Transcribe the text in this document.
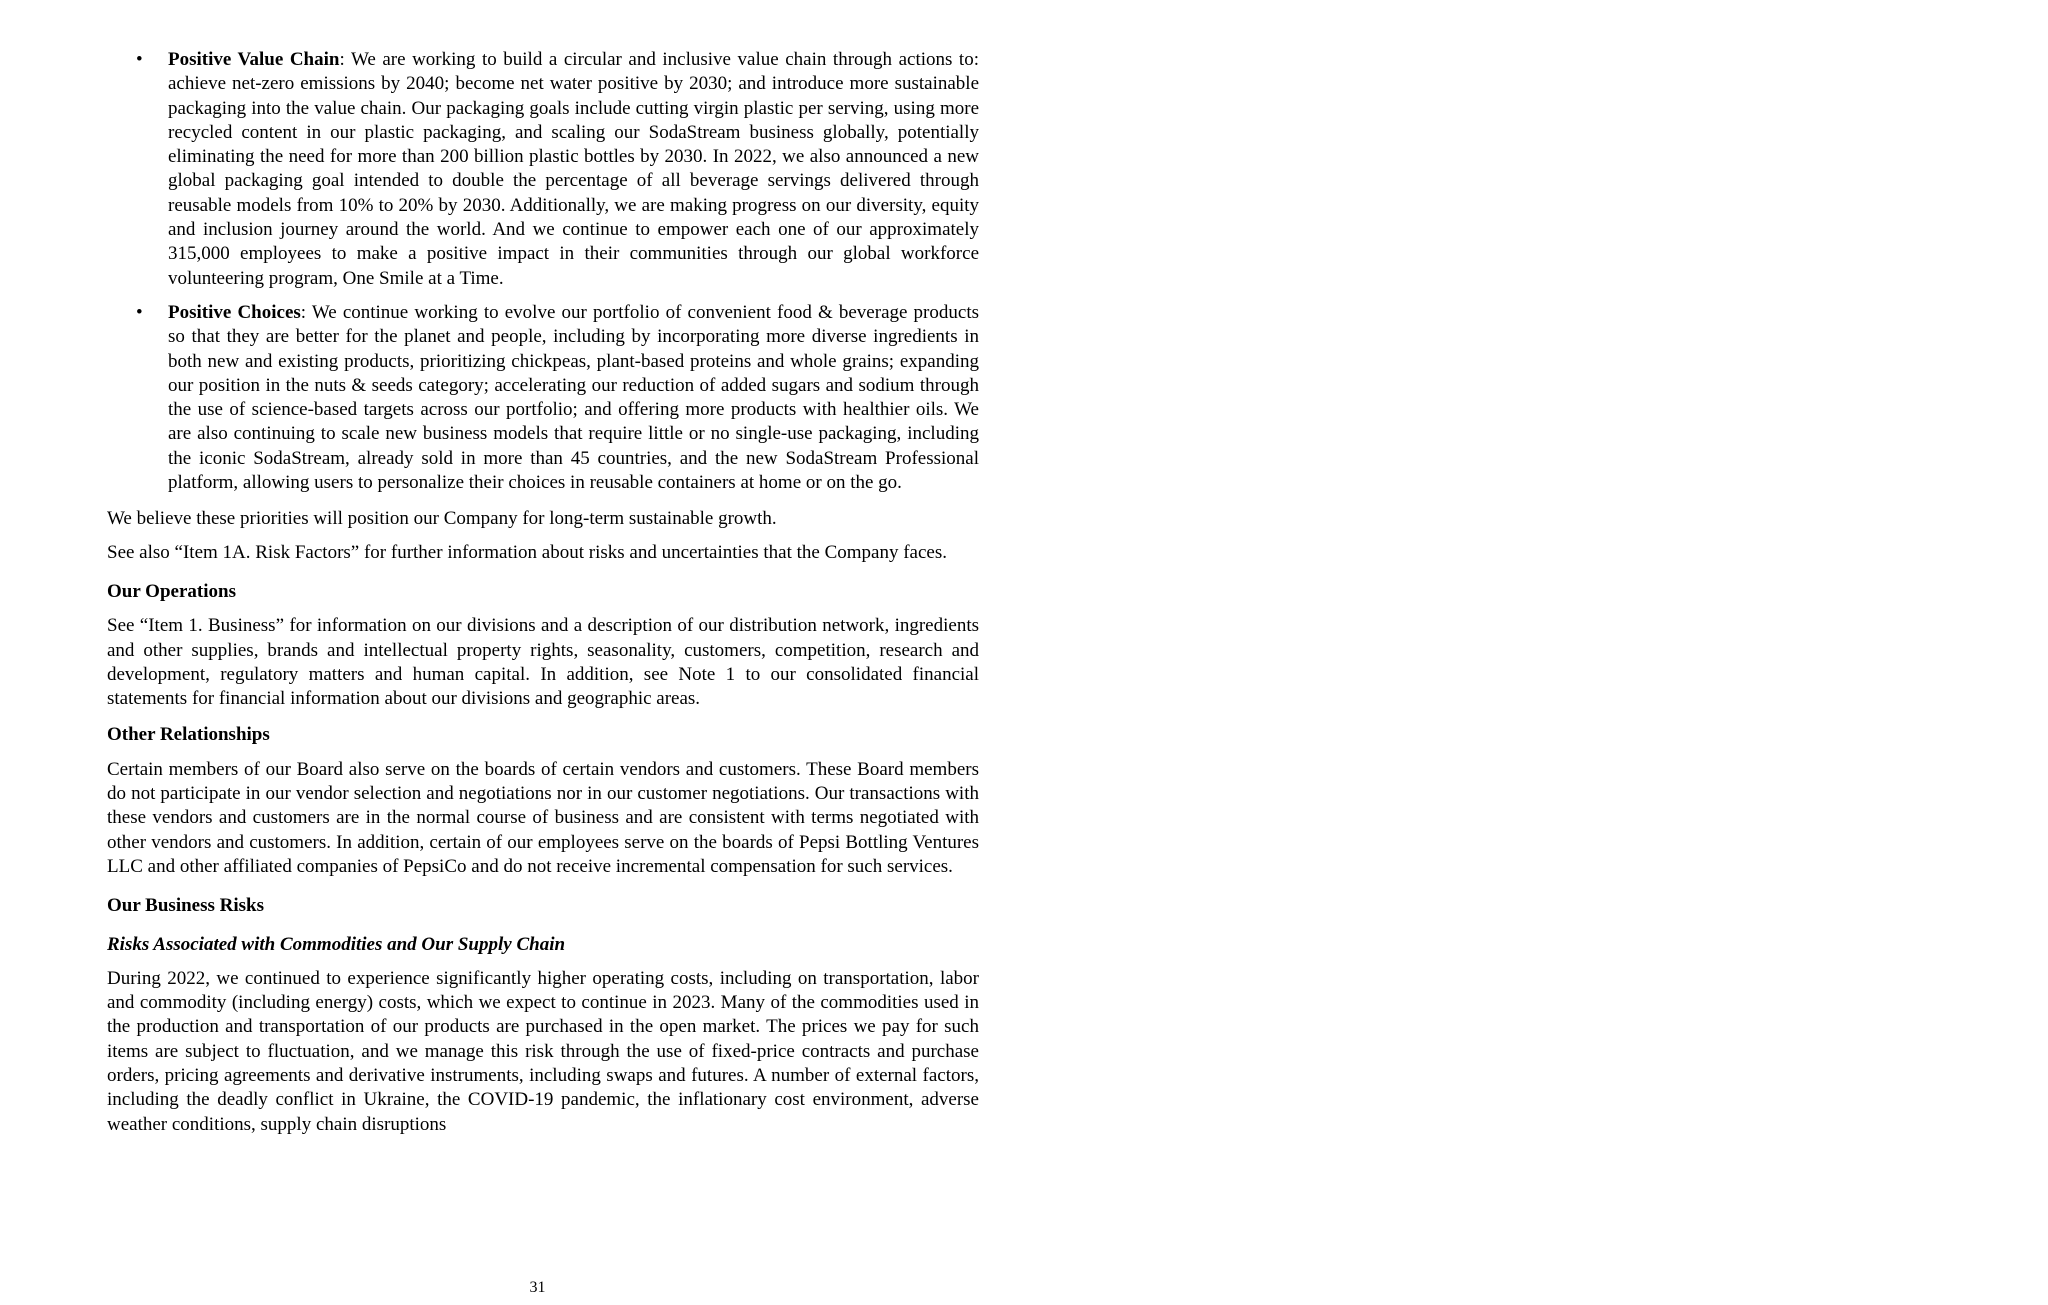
• Positive Value Chain: We are working to build a circular and inclusive value chain through actions to: achieve net-zero emissions by 2040; become net water positive by 2030; and introduce more sustainable packaging into the value chain. Our packaging goals include cutting virgin plastic per serving, using more recycled content in our plastic packaging, and scaling our SodaStream business globally, potentially eliminating the need for more than 200 billion plastic bottles by 2030. In 2022, we also announced a new global packaging goal intended to double the percentage of all beverage servings delivered through reusable models from 10% to 20% by 2030. Additionally, we are making progress on our diversity, equity and inclusion journey around the world. And we continue to empower each one of our approximately 315,000 employees to make a positive impact in their communities through our global workforce volunteering program, One Smile at a Time.
• Positive Choices: We continue working to evolve our portfolio of convenient food & beverage products so that they are better for the planet and people, including by incorporating more diverse ingredients in both new and existing products, prioritizing chickpeas, plant-based proteins and whole grains; expanding our position in the nuts & seeds category; accelerating our reduction of added sugars and sodium through the use of science-based targets across our portfolio; and offering more products with healthier oils. We are also continuing to scale new business models that require little or no single-use packaging, including the iconic SodaStream, already sold in more than 45 countries, and the new SodaStream Professional platform, allowing users to personalize their choices in reusable containers at home or on the go.

We believe these priorities will position our Company for long-term sustainable growth.

See also “Item 1A. Risk Factors” for further information about risks and uncertainties that the Company faces.

Our Operations

See “Item 1. Business” for information on our divisions and a description of our distribution network, ingredients and other supplies, brands and intellectual property rights, seasonality, customers, competition, research and development, regulatory matters and human capital. In addition, see Note 1 to our consolidated financial statements for financial information about our divisions and geographic areas.

Other Relationships

Certain members of our Board also serve on the boards of certain vendors and customers. These Board members do not participate in our vendor selection and negotiations nor in our customer negotiations. Our transactions with these vendors and customers are in the normal course of business and are consistent with terms negotiated with other vendors and customers. In addition, certain of our employees serve on the boards of Pepsi Bottling Ventures LLC and other affiliated companies of PepsiCo and do not receive incremental compensation for such services.

Our Business Risks

Risks Associated with Commodities and Our Supply Chain

During 2022, we continued to experience significantly higher operating costs, including on transportation, labor and commodity (including energy) costs, which we expect to continue in 2023. Many of the commodities used in the production and transportation of our products are purchased in the open market. The prices we pay for such items are subject to fluctuation, and we manage this risk through the use of fixed-price contracts and purchase orders, pricing agreements and derivative instruments, including swaps and futures. A number of external factors, including the deadly conflict in Ukraine, the COVID-19 pandemic, the inflationary cost environment, adverse weather conditions, supply chain disruptions

31
